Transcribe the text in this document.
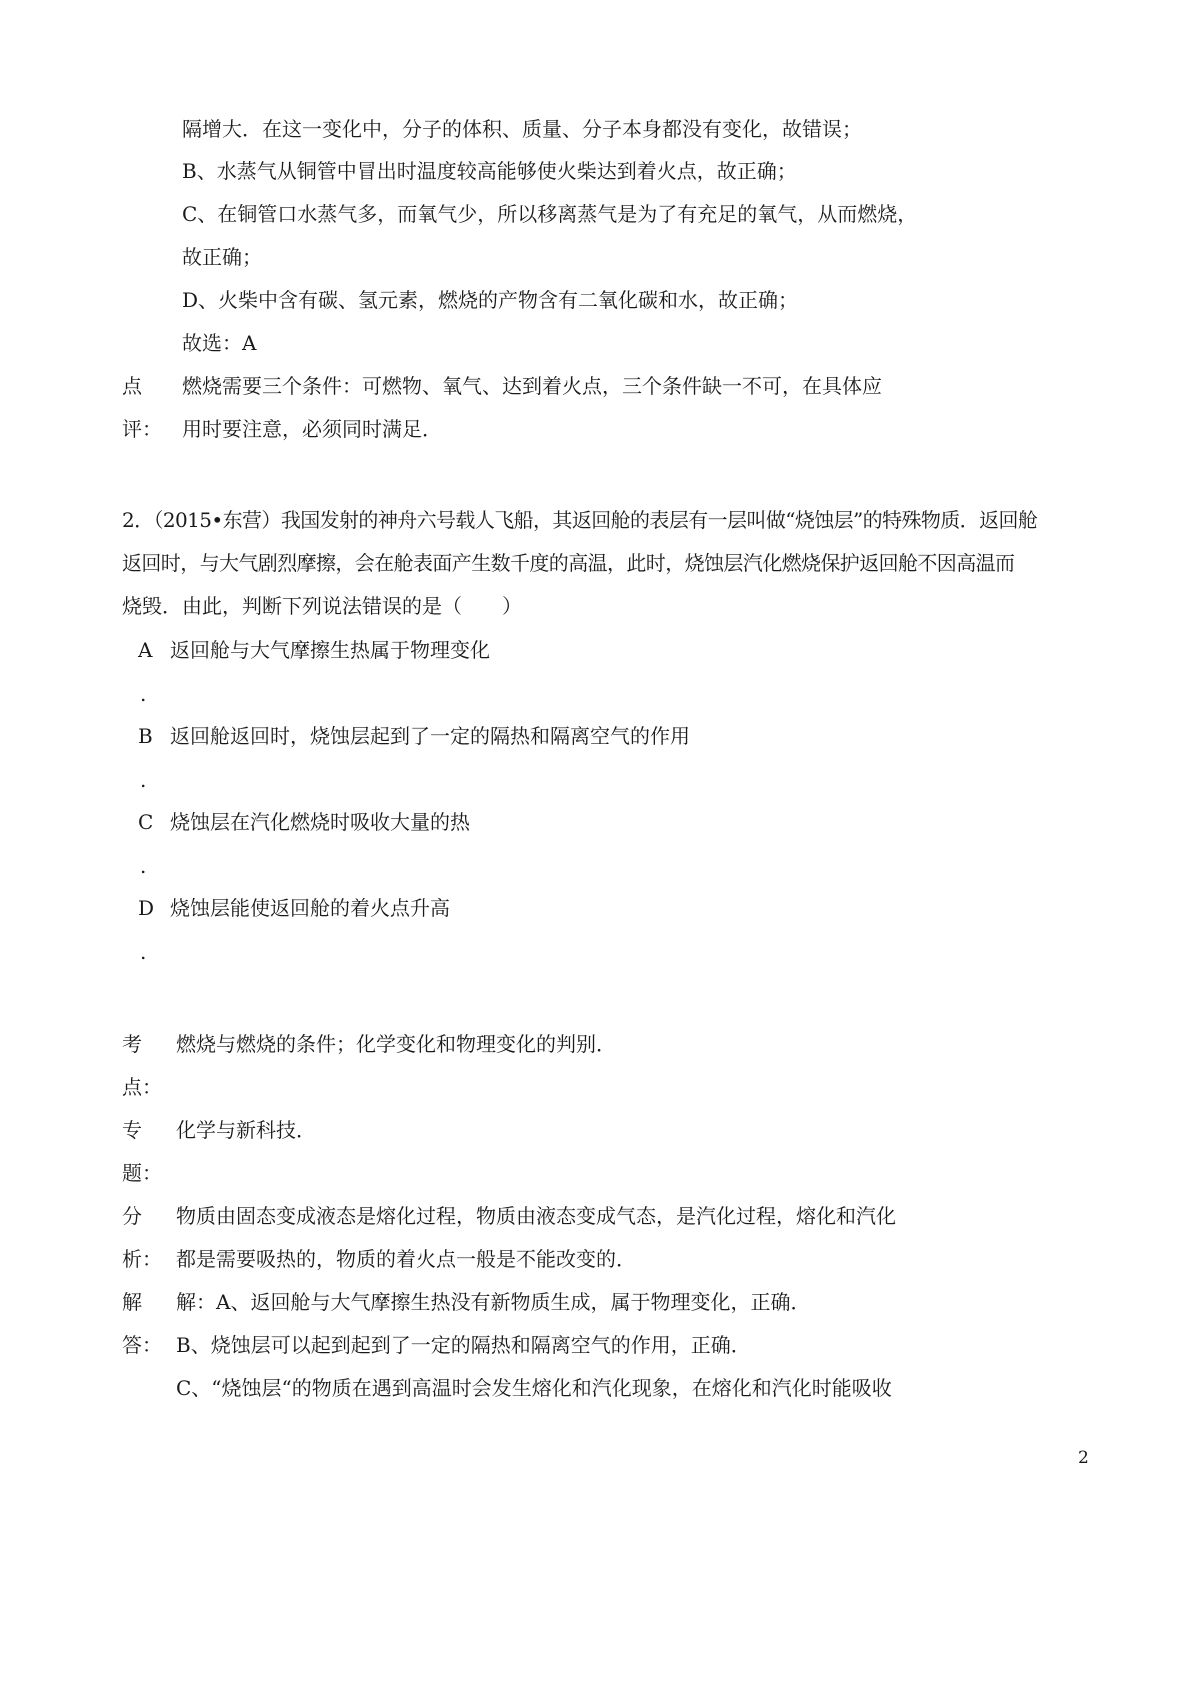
隔增大．在这一变化中，分子的体积、质量、分子本身都没有变化，故错误；
B、水蒸气从铜管中冒出时温度较高能够使火柴达到着火点，故正确；
C、在铜管口水蒸气多，而氧气少，所以移离蒸气是为了有充足的氧气，从而燃烧，
故正确；
D、火柴中含有碳、氢元素，燃烧的产物含有二氧化碳和水，故正确；
故选：A
点
评：
燃烧需要三个条件：可燃物、氧气、达到着火点，三个条件缺一不可，在具体应
用时要注意，必须同时满足．
2．（2015•东营）我国发射的神舟六号载人飞船，其返回舱的表层有一层叫做“烧蚀层”的特殊物质．返回舱
返回时，与大气剧烈摩擦，会在舱表面产生数千度的高温，此时，烧蚀层汽化燃烧保护返回舱不因高温而
烧毁．由此，判断下列说法错误的是（　　）
A 返回舱与大气摩擦生热属于物理变化
.
B 返回舱返回时，烧蚀层起到了一定的隔热和隔离空气的作用
.
C 烧蚀层在汽化燃烧时吸收大量的热
.
D 烧蚀层能使返回舱的着火点升高
.
考
点：
燃烧与燃烧的条件；化学变化和物理变化的判别．
专
题：
化学与新科技．
分
析：
物质由固态变成液态是熔化过程，物质由液态变成气态，是汽化过程，熔化和汽化
都是需要吸热的，物质的着火点一般是不能改变的．
解
答：
解：A、返回舱与大气摩擦生热没有新物质生成，属于物理变化，正确．
B、烧蚀层可以起到起到了一定的隔热和隔离空气的作用，正确．
C、“烧蚀层“的物质在遇到高温时会发生熔化和汽化现象，在熔化和汽化时能吸收
2
